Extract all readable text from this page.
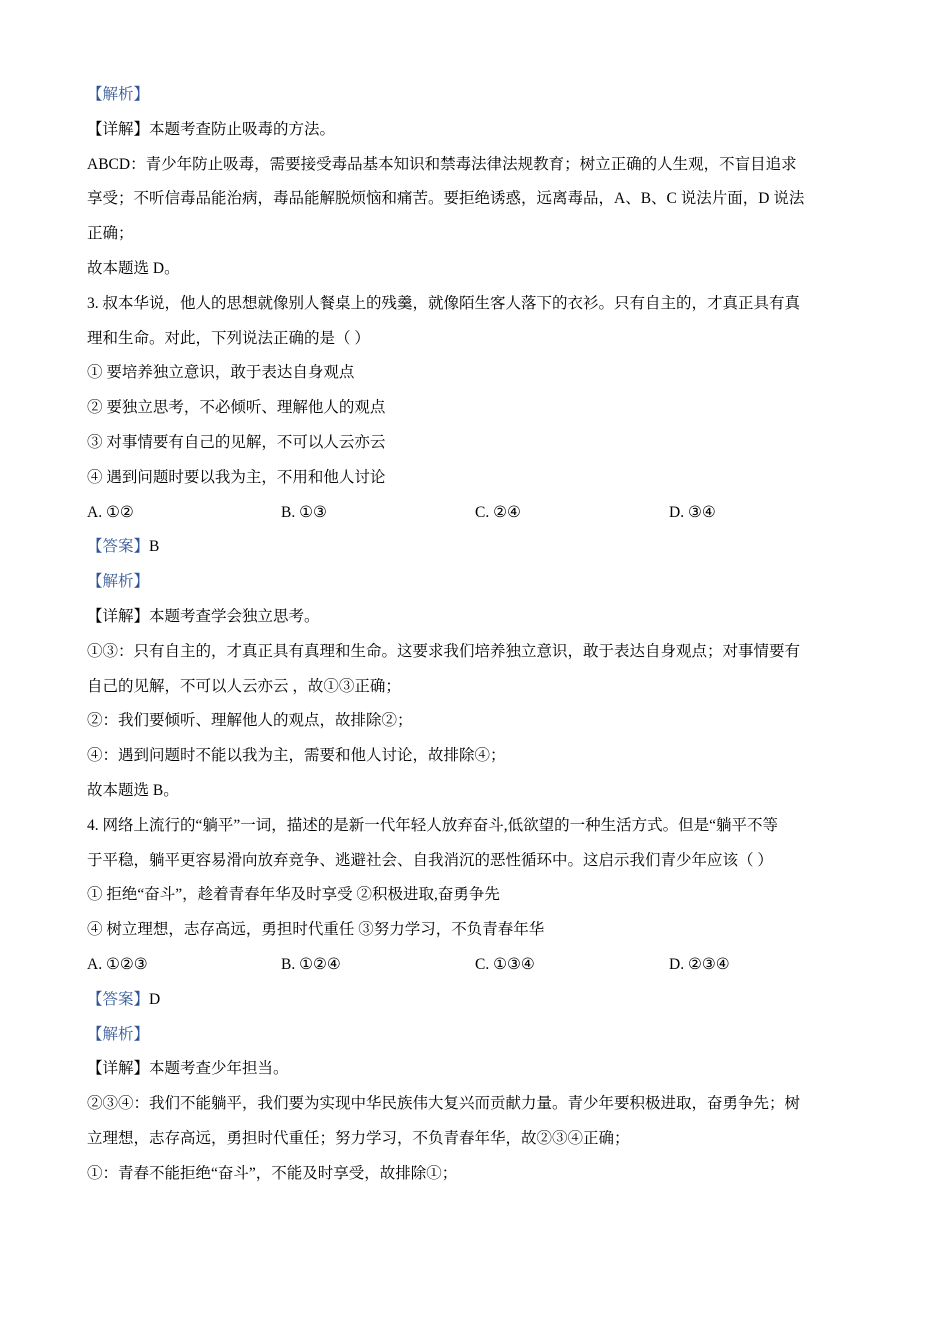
【解析】
【详解】本题考查防止吸毒的方法。
ABCD：青少年防止吸毒，需要接受毒品基本知识和禁毒法律法规教育；树立正确的人生观，不盲目追求
享受；不听信毒品能治病，毒品能解脱烦恼和痛苦。要拒绝诱惑，远离毒品，A、B、C 说法片面，D 说法
正确；
故本题选 D。
3. 叔本华说，他人的思想就像别人餐桌上的残羹，就像陌生客人落下的衣衫。只有自主的，才真正具有真
理和生命。对此，下列说法正确的是（ ）
① 要培养独立意识，敢于表达自身观点
② 要独立思考，不必倾听、理解他人的观点
③ 对事情要有自己的见解，不可以人云亦云
④ 遇到问题时要以我为主，不用和他人讨论
A. ①②	B. ①③	C. ②④	D. ③④
【答案】B
【解析】
【详解】本题考查学会独立思考。
①③：只有自主的，才真正具有真理和生命。这要求我们培养独立意识，敢于表达自身观点；对事情要有
自己的见解，不可以人云亦云 ，故①③正确；
②：我们要倾听、理解他人的观点，故排除②；
④：遇到问题时不能以我为主，需要和他人讨论，故排除④；
故本题选 B。
4. 网络上流行的“躺平”一词，描述的是新一代年轻人放弃奋斗,低欲望的一种生活方式。但是“躺平不等
于平稳，躺平更容易滑向放弃竞争、逃避社会、自我消沉的恶性循环中。这启示我们青少年应该（ ）
① 拒绝“奋斗”，趁着青春年华及时享受 ②积极进取,奋勇争先
④ 树立理想，志存高远，勇担时代重任 ③努力学习，不负青春年华
A. ①②③	B. ①②④	C. ①③④	D. ②③④
【答案】D
【解析】
【详解】本题考查少年担当。
②③④：我们不能躺平，我们要为实现中华民族伟大复兴而贡献力量。青少年要积极进取，奋勇争先；树
立理想，志存高远，勇担时代重任；努力学习，不负青春年华，故②③④正确；
①：青春不能拒绝“奋斗”，不能及时享受，故排除①；
